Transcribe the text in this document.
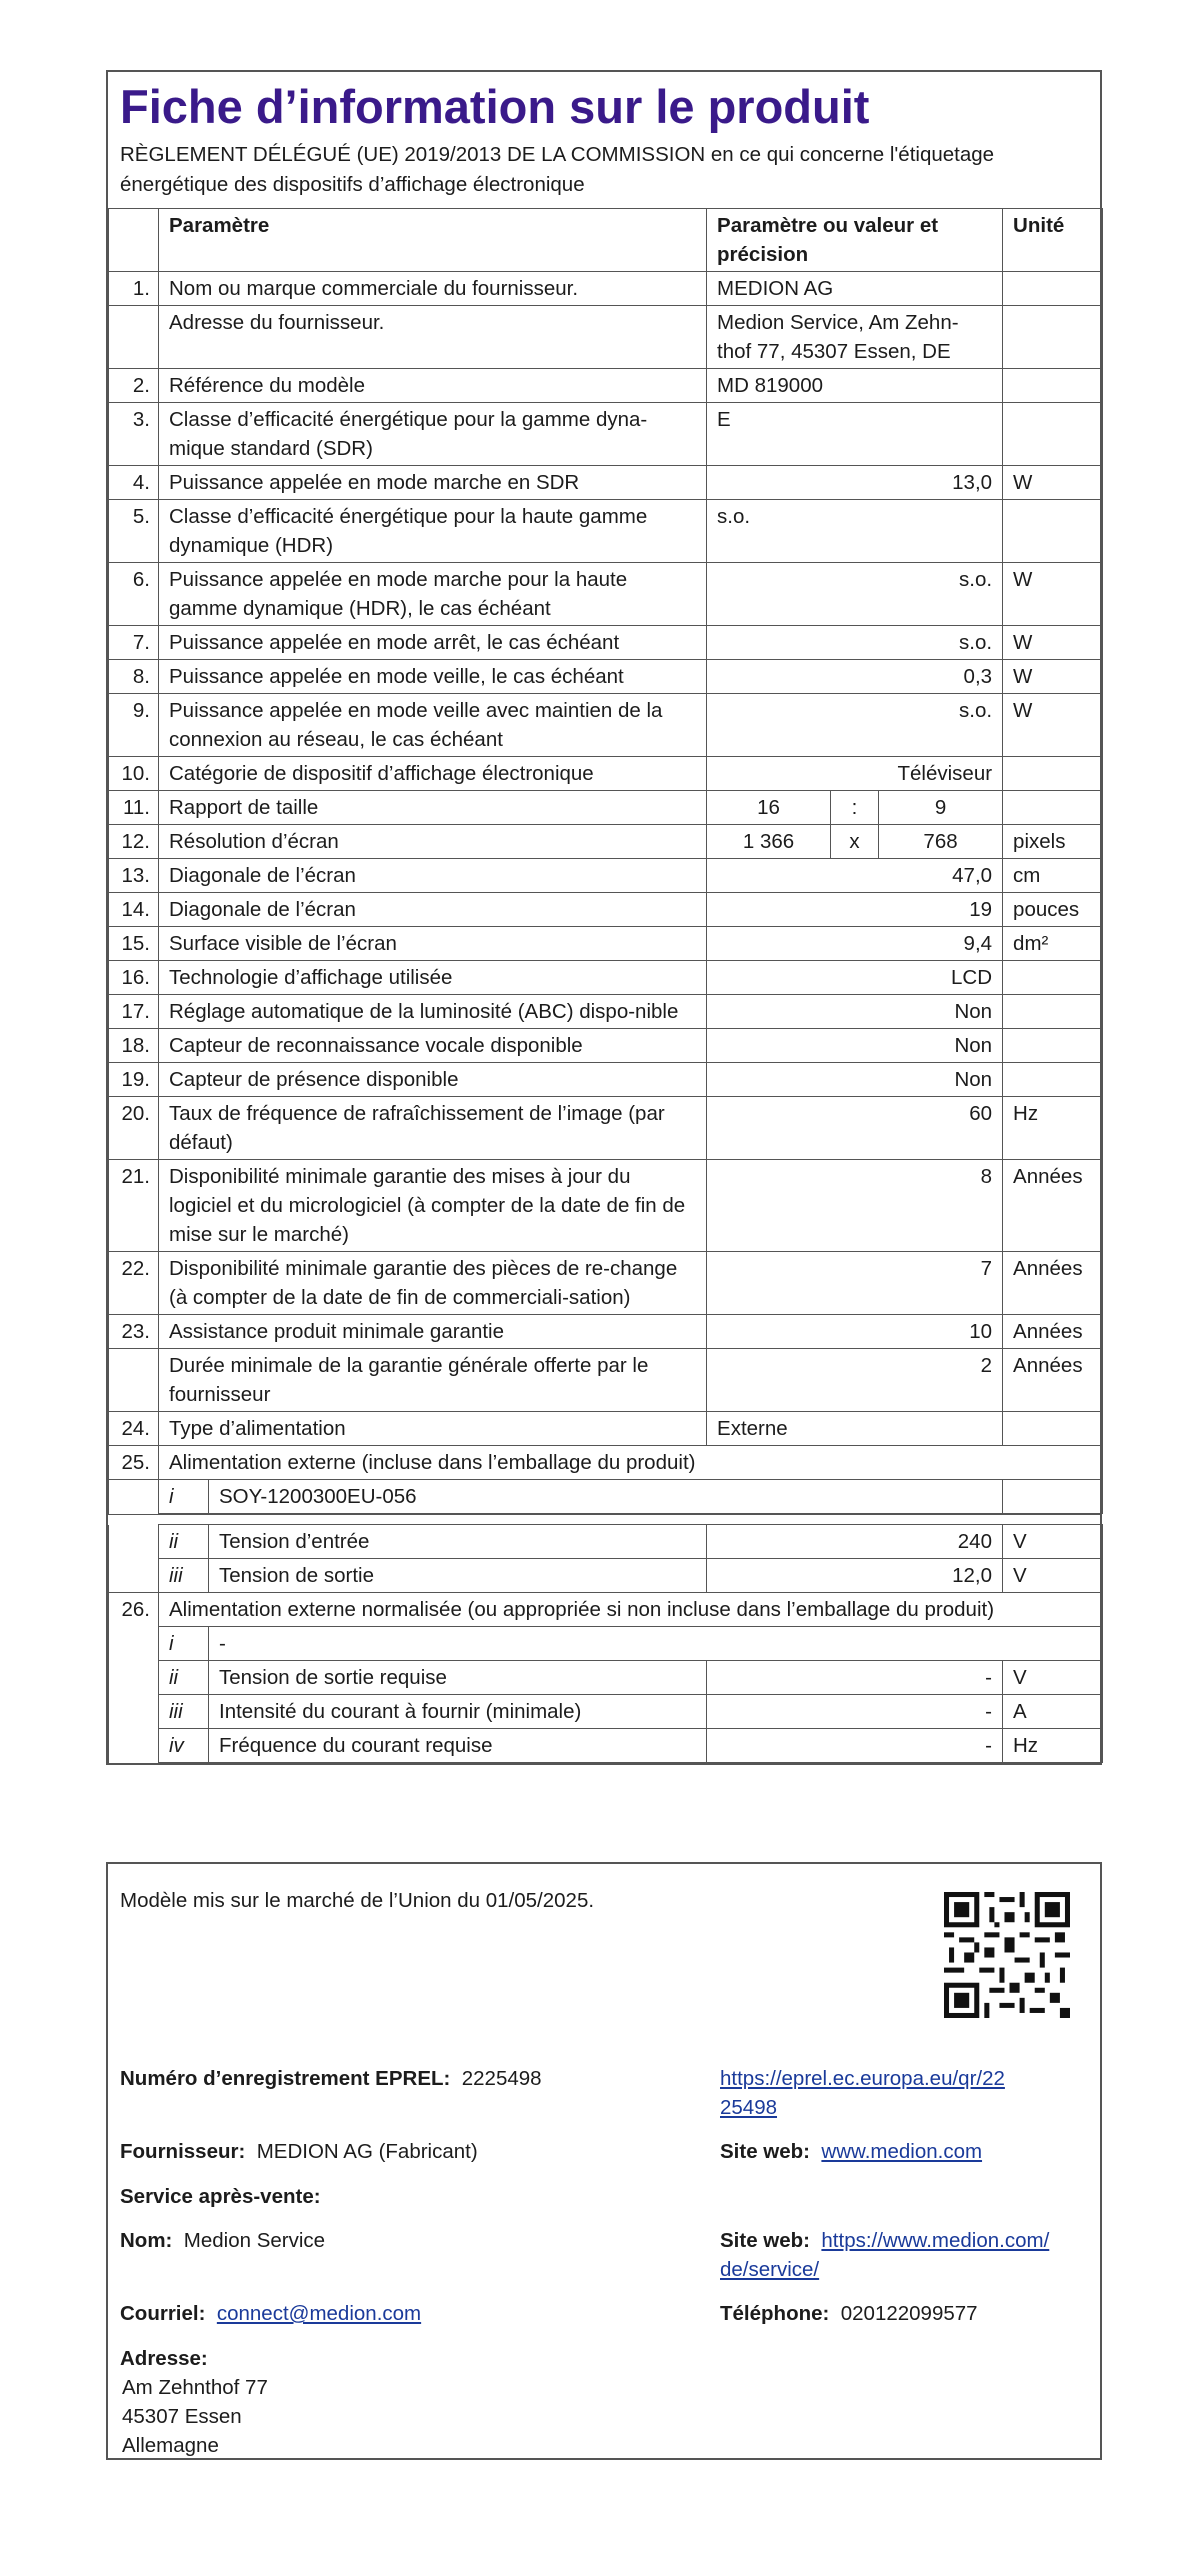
Fiche d’information sur le produit
RÈGLEMENT DÉLÉGUÉ (UE) 2019/2013 DE LA COMMISSION en ce qui concerne l'étiquetage énergétique des dispositifs d’affichage électronique
	Paramètre		Paramètre ou valeur et précision			Unité
1.	Nom ou marque commerciale du fournisseur.		MEDION AG			
	Adresse du fournisseur.		Medion Service, Am Zehn-thof 77, 45307 Essen, DE			
2.	Référence du modèle		MD 819000			
3.	Classe d’efficacité énergétique pour la gamme dyna-mique standard (SDR)		E			
4.	Puissance appelée en mode marche en SDR		13,0			W
5.	Classe d’efficacité énergétique pour la haute gamme dynamique (HDR)		s.o.			
6.	Puissance appelée en mode marche pour la haute gamme dynamique (HDR), le cas échéant		s.o.			W
7.	Puissance appelée en mode arrêt, le cas échéant		s.o.			W
8.	Puissance appelée en mode veille, le cas échéant		0,3			W
9.	Puissance appelée en mode veille avec maintien de la connexion au réseau, le cas échéant		s.o.			W
10.	Catégorie de dispositif d’affichage électronique		Téléviseur			
11.	Rapport de taille		16	:	9	
12.	Résolution d’écran		1 366	x	768	pixels
13.	Diagonale de l’écran		47,0			cm
14.	Diagonale de l’écran		19			pouces
15.	Surface visible de l’écran		9,4			dm²
16.	Technologie d’affichage utilisée		LCD			
17.	Réglage automatique de la luminosité (ABC) dispo-nible		Non			
18.	Capteur de reconnaissance vocale disponible		Non			
19.	Capteur de présence disponible		Non			
20.	Taux de fréquence de rafraîchissement de l’image (par défaut)		60			Hz
21.	Disponibilité minimale garantie des mises à jour du logiciel et du micrologiciel (à compter de la date de fin de mise sur le marché)		8			Années
22.	Disponibilité minimale garantie des pièces de re-change (à compter de la date de fin de commerciali-sation)		7			Années
23.	Assistance produit minimale garantie		10			Années
	Durée minimale de la garantie générale offerte par le fournisseur		2			Années
24.	Type d’alimentation		Externe			
25.	Alimentation externe (incluse dans l’emballage du produit)					
	i	SOY-1200300EU-056				
	ii	Tension d’entrée	240	V
	iii	Tension de sortie	12,0	V
26.	Alimentation externe normalisée (ou appropriée si non incluse dans l’emballage du produit)			
	i	-		
	ii	Tension de sortie requise	-	V
	iii	Intensité du courant à fournir (minimale)	-	A
	iv	Fréquence du courant requise	-	Hz
Modèle mis sur le marché de l’Union du 01/05/2025.
Numéro d’enregistrement EPREL: 2225498	https://eprel.ec.europa.eu/qr/22
25498
Fournisseur: MEDION AG (Fabricant)	Site web: www.medion.com
Service après-vente:
Nom: Medion Service	Site web: https://www.medion.com/
de/service/
Courriel: connect@medion.com	Téléphone: 020122099577
Adresse:
Am Zehnthof 77
45307 Essen
Allemagne
